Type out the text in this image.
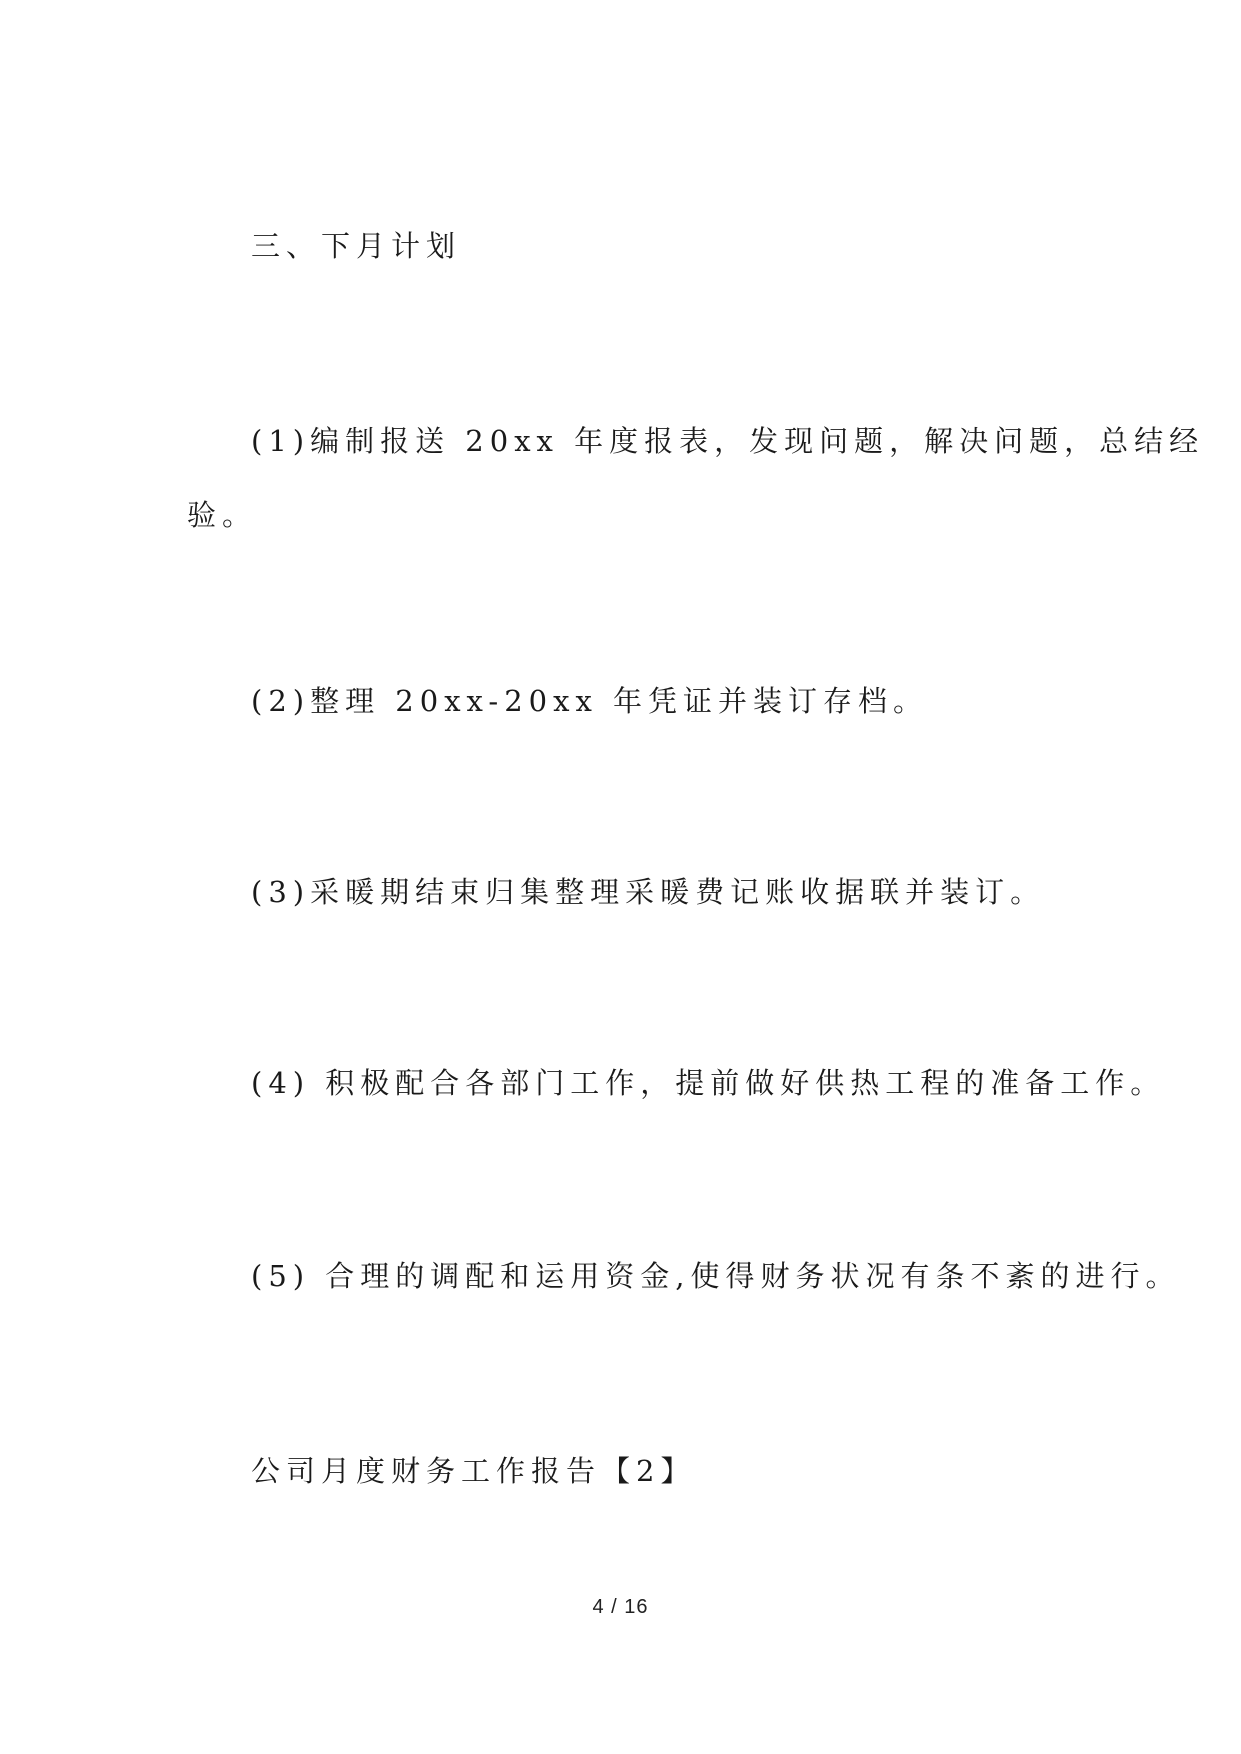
三、下月计划
(1)编制报送 20xx 年度报表，发现问题，解决问题，总结经
验。
(2)整理 20xx-20xx 年凭证并装订存档。
(3)采暖期结束归集整理采暖费记账收据联并装订。
(4) 积极配合各部门工作，提前做好供热工程的准备工作。
(5) 合理的调配和运用资金,使得财务状况有条不紊的进行。
公司月度财务工作报告【2】
4 / 16
